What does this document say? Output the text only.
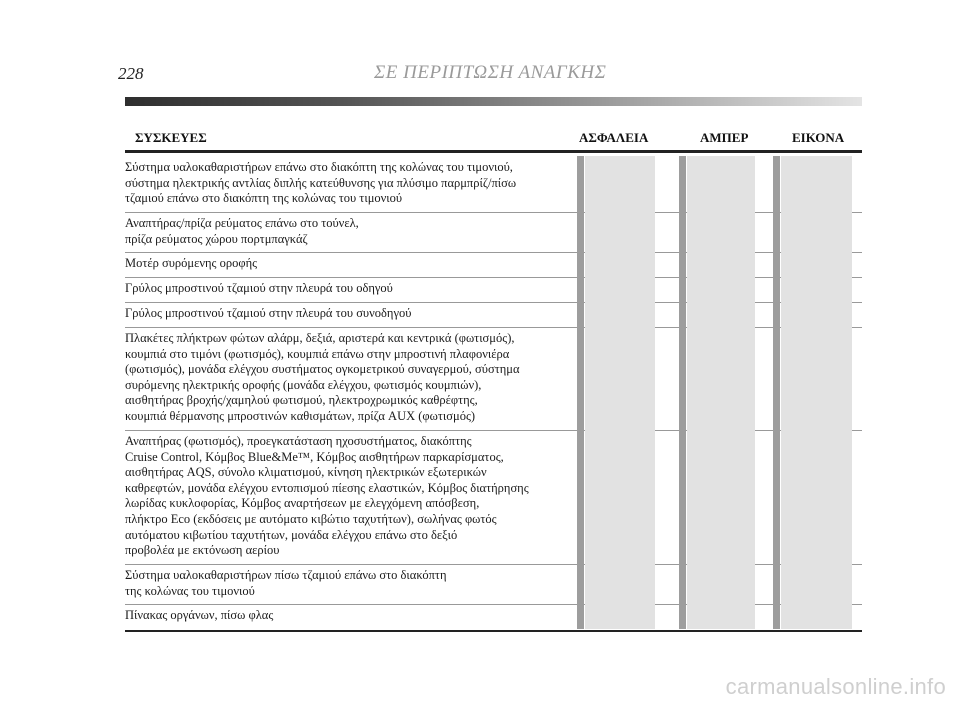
228	ΣΕ ΠΕΡΙΠΤΩΣΗ ΑΝΑΓΚΗΣ
ΣΥΣΚΕΥΕΣ	ΑΣΦΑΛΕΙΑ	ΑΜΠΕΡ	ΕΙΚΟΝΑ
Σύστημα υαλοκαθαριστήρων επάνω στο διακόπτη της κολώνας του τιμονιού,
σύστημα ηλεκτρικής αντλίας διπλής κατεύθυνσης για πλύσιμο παρμπρίζ/πίσω
τζαμιού επάνω στο διακόπτη της κολώνας του τιμονιού
Αναπτήρας/πρίζα ρεύματος επάνω στο τούνελ,
πρίζα ρεύματος χώρου πορτμπαγκάζ
Μοτέρ συρόμενης οροφής
Γρύλος μπροστινού τζαμιού στην πλευρά του οδηγού
Γρύλος μπροστινού τζαμιού στην πλευρά του συνοδηγού
Πλακέτες πλήκτρων φώτων αλάρμ, δεξιά, αριστερά και κεντρικά (φωτισμός),
κουμπιά στο τιμόνι (φωτισμός), κουμπιά επάνω στην μπροστινή πλαφονιέρα
(φωτισμός), μονάδα ελέγχου συστήματος ογκομετρικού συναγερμού, σύστημα
συρόμενης ηλεκτρικής οροφής (μονάδα ελέγχου, φωτισμός κουμπιών),
αισθητήρας βροχής/χαμηλού φωτισμού, ηλεκτροχρωμικός καθρέφτης,
κουμπιά θέρμανσης μπροστινών καθισμάτων, πρίζα AUX (φωτισμός)
Αναπτήρας (φωτισμός), προεγκατάσταση ηχοσυστήματος, διακόπτης
Cruise Control, Κόμβος Blue&Me™, Κόμβος αισθητήρων παρκαρίσματος,
αισθητήρας AQS, σύνολο κλιματισμού, κίνηση ηλεκτρικών εξωτερικών
καθρεφτών, μονάδα ελέγχου εντοπισμού πίεσης ελαστικών, Κόμβος διατήρησης
λωρίδας κυκλοφορίας, Κόμβος αναρτήσεων με ελεγχόμενη απόσβεση,
πλήκτρο Eco (εκδόσεις με αυτόματο κιβώτιο ταχυτήτων), σωλήνας φωτός
αυτόματου κιβωτίου ταχυτήτων, μονάδα ελέγχου επάνω στο δεξιό
προβολέα με εκτόνωση αερίου
Σύστημα υαλοκαθαριστήρων πίσω τζαμιού επάνω στο διακόπτη
της κολώνας του τιμονιού
Πίνακας οργάνων, πίσω φλας
carmanualsonline.info
